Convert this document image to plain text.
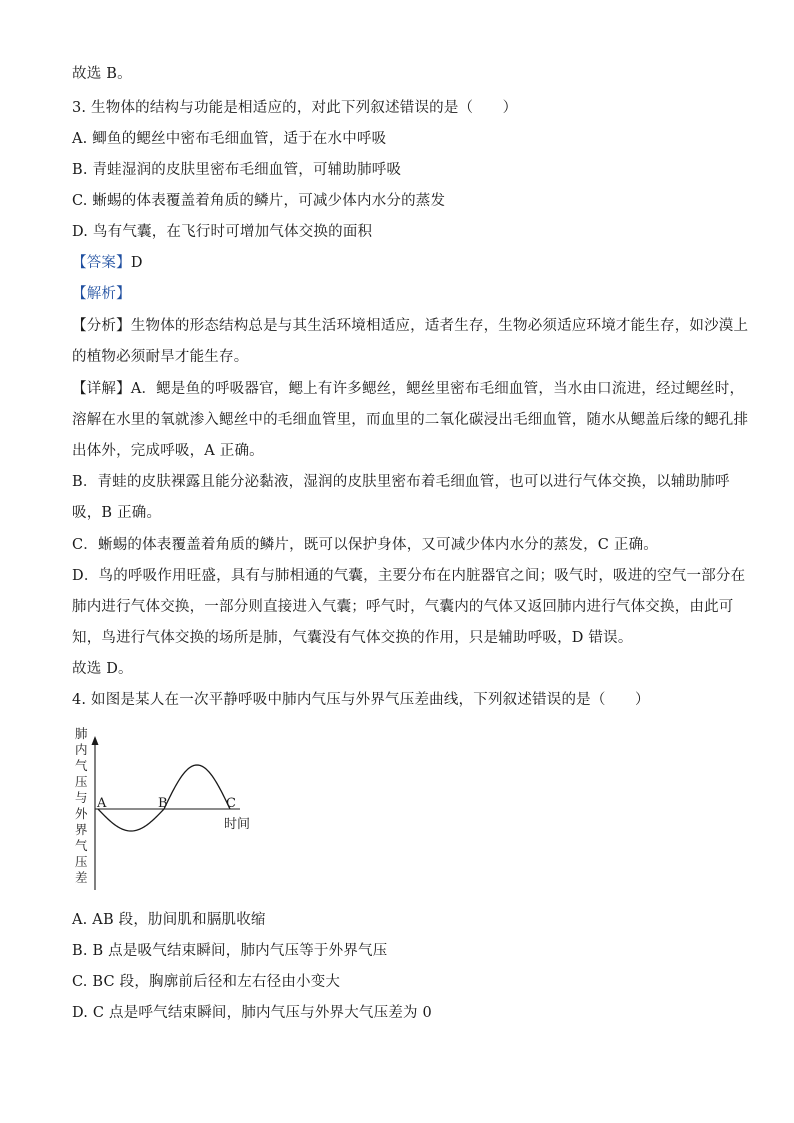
故选 B。
3. 生物体的结构与功能是相适应的，对此下列叙述错误的是（　　）
A. 鲫鱼的鳃丝中密布毛细血管，适于在水中呼吸
B. 青蛙湿润的皮肤里密布毛细血管，可辅助肺呼吸
C. 蜥蜴的体表覆盖着角质的鳞片，可减少体内水分的蒸发
D. 鸟有气囊，在飞行时可增加气体交换的面积
【答案】D
【解析】
【分析】生物体的形态结构总是与其生活环境相适应，适者生存，生物必须适应环境才能生存，如沙漠上
的植物必须耐旱才能生存。
【详解】A．鳃是鱼的呼吸器官，鳃上有许多鳃丝，鳃丝里密布毛细血管，当水由口流进，经过鳃丝时，
溶解在水里的氧就渗入鳃丝中的毛细血管里，而血里的二氧化碳浸出毛细血管，随水从鳃盖后缘的鳃孔排
出体外，完成呼吸，A 正确。
B．青蛙的皮肤裸露且能分泌黏液，湿润的皮肤里密布着毛细血管，也可以进行气体交换，以辅助肺呼
吸，B 正确。
C．蜥蜴的体表覆盖着角质的鳞片，既可以保护身体，又可减少体内水分的蒸发，C 正确。
D．鸟的呼吸作用旺盛，具有与肺相通的气囊，主要分布在内脏器官之间；吸气时，吸进的空气一部分在
肺内进行气体交换，一部分则直接进入气囊；呼气时，气囊内的气体又返回肺内进行气体交换，由此可
知，鸟进行气体交换的场所是肺，气囊没有气体交换的作用，只是辅助呼吸，D 错误。
故选 D。
4. 如图是某人在一次平静呼吸中肺内气压与外界气压差曲线，下列叙述错误的是（　　）
肺
内
气
压
与
外
界
气
压
差
A	B	C
时间
A. AB 段，肋间肌和膈肌收缩
B. B 点是吸气结束瞬间，肺内气压等于外界气压
C. BC 段，胸廓前后径和左右径由小变大
D. C 点是呼气结束瞬间，肺内气压与外界大气压差为 0
